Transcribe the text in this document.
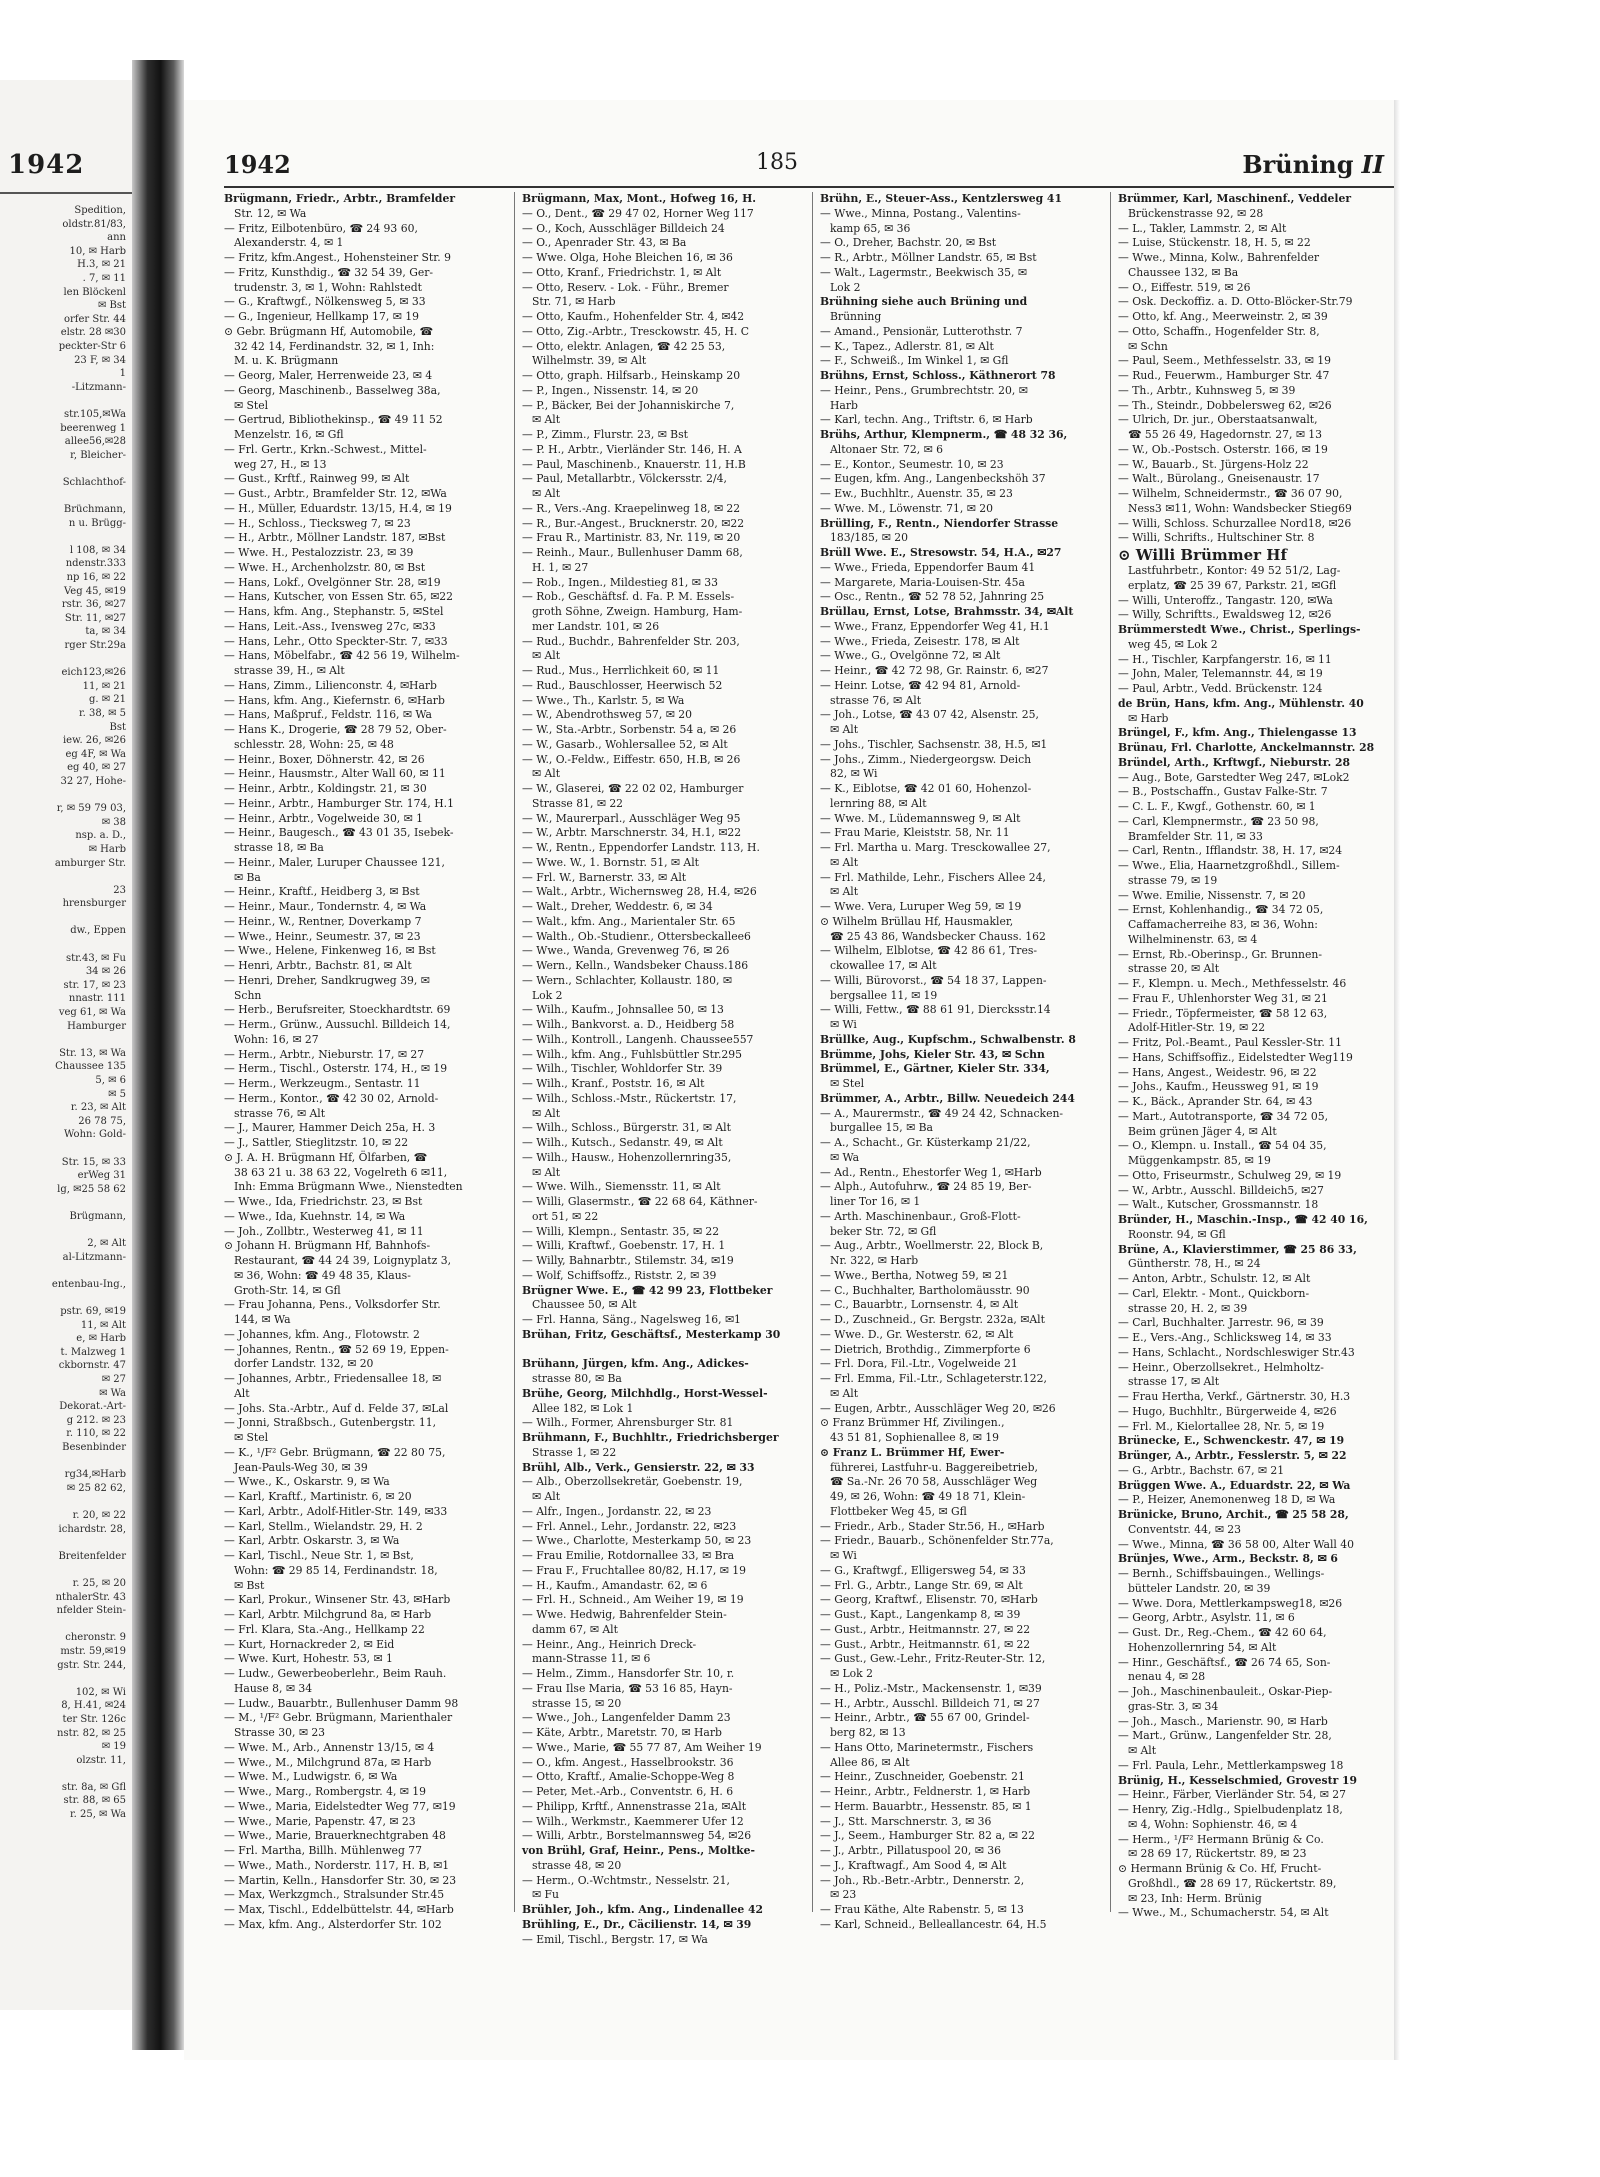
1942
Spedition,
oldstr.81/83,
ann
10, ✉ Harb
H.3, ✉ 21
. 7, ✉ 11
len Blöckenl
✉ Bst
orfer Str. 44
elstr. 28 ✉30
peckter-Str 6
23 F, ✉ 34
1
-Litzmann-

str.105,✉Wa
beerenweg 1
allee56,✉28
r, Bleicher-

Schlachthof-

Brüchmann,
n u. Brügg-

l 108, ✉ 34
ndenstr.333
np 16, ✉ 22
Veg 45, ✉19
rstr. 36, ✉27
Str. 11, ✉27
ta, ✉ 34
rger Str.29a

eich123,✉26
11, ✉ 21
g. ✉ 21
r. 38, ✉ 5
Bst
iew. 26, ✉26
eg 4F, ✉ Wa
eg 40, ✉ 27
32 27, Hohe-

r, ✉ 59 79 03,
✉ 38
nsp. a. D.,
✉ Harb
amburger Str.

23
hrensburger

dw., Eppen

str.43, ✉ Fu
34 ✉ 26
str. 17, ✉ 23
nnastr. 111
veg 61, ✉ Wa
Hamburger

Str. 13, ✉ Wa
Chaussee 135
5, ✉ 6
✉ 5
r. 23, ✉ Alt
26 78 75,
Wohn: Gold-

Str. 15, ✉ 33
erWeg 31
lg, ✉25 58 62

Brügmann,

2, ✉ Alt
al-Litzmann-

entenbau-Ing.,

pstr. 69, ✉19
11, ✉ Alt
e, ✉ Harb
t. Malzweg 1
ckbornstr. 47
✉ 27
✉ Wa
Dekorat.-Art-
g 212. ✉ 23
r. 110, ✉ 22
Besenbinder

rg34,✉Harb
✉ 25 82 62,

r. 20, ✉ 22
ichardstr. 28,

Breitenfelder

r. 25, ✉ 20
nthalerStr. 43
nfelder Stein-

cheronstr. 9
mstr. 59,✉19
gstr. Str. 244,

102, ✉ Wi
8, H.41, ✉24
ter Str. 126c
nstr. 82, ✉ 25
✉ 19
olzstr. 11,

str. 8a, ✉ Gfl
str. 88, ✉ 65
r. 25, ✉ Wa
1942	185	Brüning II
Brügmann, Friedr., Arbtr., Bramfelder
Str. 12, ✉ Wa
— Fritz, Eilbotenbüro, ☎ 24 93 60,
Alexanderstr. 4, ✉ 1
— Fritz, kfm.Angest., Hohensteiner Str. 9
— Fritz, Kunsthdig., ☎ 32 54 39, Ger-
trudenstr. 3, ✉ 1, Wohn: Rahlstedt
— G., Kraftwgf., Nölkensweg 5, ✉ 33
— G., Ingenieur, Hellkamp 17, ✉ 19
⊙ Gebr. Brügmann Hf, Automobile, ☎
32 42 14, Ferdinandstr. 32, ✉ 1, Inh:
M. u. K. Brügmann
— Georg, Maler, Herrenweide 23, ✉ 4
— Georg, Maschinenb., Basselweg 38a,
✉ Stel
— Gertrud, Bibliothekinsp., ☎ 49 11 52
Menzelstr. 16, ✉ Gfl
— Frl. Gertr., Krkn.-Schwest., Mittel-
weg 27, H., ✉ 13
— Gust., Krftf., Rainweg 99, ✉ Alt
— Gust., Arbtr., Bramfelder Str. 12, ✉Wa
— H., Müller, Eduardstr. 13/15, H.4, ✉ 19
— H., Schloss., Tiecksweg 7, ✉ 23
— H., Arbtr., Möllner Landstr. 187, ✉Bst
— Wwe. H., Pestalozzistr. 23, ✉ 39
— Wwe. H., Archenholzstr. 80, ✉ Bst
— Hans, Lokf., Ovelgönner Str. 28, ✉19
— Hans, Kutscher, von Essen Str. 65, ✉22
— Hans, kfm. Ang., Stephanstr. 5, ✉Stel
— Hans, Leit.-Ass., Ivensweg 27c, ✉33
— Hans, Lehr., Otto Speckter-Str. 7, ✉33
— Hans, Möbelfabr., ☎ 42 56 19, Wilhelm-
strasse 39, H., ✉ Alt
— Hans, Zimm., Lilienconstr. 4, ✉Harb
— Hans, kfm. Ang., Kiefernstr. 6, ✉Harb
— Hans, Maßpruf., Feldstr. 116, ✉ Wa
— Hans K., Drogerie, ☎ 28 79 52, Ober-
schlesstr. 28, Wohn: 25, ✉ 48
— Heinr., Boxer, Döhnerstr. 42, ✉ 26
— Heinr., Hausmstr., Alter Wall 60, ✉ 11
— Heinr., Arbtr., Koldingstr. 21, ✉ 30
— Heinr., Arbtr., Hamburger Str. 174, H.1
— Heinr., Arbtr., Vogelweide 30, ✉ 1
— Heinr., Baugesch., ☎ 43 01 35, Isebek-
strasse 18, ✉ Ba
— Heinr., Maler, Luruper Chaussee 121,
✉ Ba
— Heinr., Kraftf., Heidberg 3, ✉ Bst
— Heinr., Maur., Tondernstr. 4, ✉ Wa
— Heinr., W., Rentner, Doverkamp 7
— Wwe., Heinr., Seumestr. 37, ✉ 23
— Wwe., Helene, Finkenweg 16, ✉ Bst
— Henri, Arbtr., Bachstr. 81, ✉ Alt
— Henri, Dreher, Sandkrugweg 39, ✉
Schn
— Herb., Berufsreiter, Stoeckhardtstr. 69
— Herm., Grünw., Aussuchl. Billdeich 14,
Wohn: 16, ✉ 27
— Herm., Arbtr., Nieburstr. 17, ✉ 27
— Herm., Tischl., Osterstr. 174, H., ✉ 19
— Herm., Werkzeugm., Sentastr. 11
— Herm., Kontor., ☎ 42 30 02, Arnold-
strasse 76, ✉ Alt
— J., Maurer, Hammer Deich 25a, H. 3
— J., Sattler, Stieglitzstr. 10, ✉ 22
⊙ J. A. H. Brügmann Hf, Ölfarben, ☎
38 63 21 u. 38 63 22, Vogelreth 6 ✉11,
Inh: Emma Brügmann Wwe., Nienstedten
— Wwe., Ida, Friedrichstr. 23, ✉ Bst
— Wwe., Ida, Kuehnstr. 14, ✉ Wa
— Joh., Zollbtr., Westerweg 41, ✉ 11
⊙ Johann H. Brügmann Hf, Bahnhofs-
Restaurant, ☎ 44 24 39, Loignyplatz 3,
✉ 36, Wohn: ☎ 49 48 35, Klaus-
Groth-Str. 14, ✉ Gfl
— Frau Johanna, Pens., Volksdorfer Str.
144, ✉ Wa
— Johannes, kfm. Ang., Flotowstr. 2
— Johannes, Rentn., ☎ 52 69 19, Eppen-
dorfer Landstr. 132, ✉ 20
— Johannes, Arbtr., Friedensallee 18, ✉
Alt
— Johs. Sta.-Arbtr., Auf d. Felde 37, ✉Lal
— Jonni, Straßbsch., Gutenbergstr. 11,
✉ Stel
— K., ¹/F² Gebr. Brügmann, ☎ 22 80 75,
Jean-Pauls-Weg 30, ✉ 39
— Wwe., K., Oskarstr. 9, ✉ Wa
— Karl, Kraftf., Martinistr. 6, ✉ 20
— Karl, Arbtr., Adolf-Hitler-Str. 149, ✉33
— Karl, Stellm., Wielandstr. 29, H. 2
— Karl, Arbtr. Oskarstr. 3, ✉ Wa
— Karl, Tischl., Neue Str. 1, ✉ Bst,
Wohn: ☎ 29 85 14, Ferdinandstr. 18,
✉ Bst
— Karl, Prokur., Winsener Str. 43, ✉Harb
— Karl, Arbtr. Milchgrund 8a, ✉ Harb
— Frl. Klara, Sta.-Ang., Hellkamp 22
— Kurt, Hornackreder 2, ✉ Eid
— Wwe. Kurt, Hohestr. 53, ✉ 1
— Ludw., Gewerbeoberlehr., Beim Rauh.
Hause 8, ✉ 34
— Ludw., Bauarbtr., Bullenhuser Damm 98
— M., ¹/F² Gebr. Brügmann, Marienthaler
Strasse 30, ✉ 23
— Wwe. M., Arb., Annenstr 13/15, ✉ 4
— Wwe., M., Milchgrund 87a, ✉ Harb
— Wwe. M., Ludwigstr. 6, ✉ Wa
— Wwe., Marg., Rombergstr. 4, ✉ 19
— Wwe., Maria, Eidelstedter Weg 77, ✉19
— Wwe., Marie, Papenstr. 47, ✉ 23
— Wwe., Marie, Brauerknechtgraben 48
— Frl. Martha, Billh. Mühlenweg 77
— Wwe., Math., Norderstr. 117, H. B, ✉1
— Martin, Kelln., Hansdorfer Str. 30, ✉ 23
— Max, Werkzgmch., Stralsunder Str.45
— Max, Tischl., Eddelbüttelstr. 44, ✉Harb
— Max, kfm. Ang., Alsterdorfer Str. 102
Brügmann, Max, Mont., Hofweg 16, H.
— O., Dent., ☎ 29 47 02, Horner Weg 117
— O., Koch, Ausschläger Billdeich 24
— O., Apenrader Str. 43, ✉ Ba
— Wwe. Olga, Hohe Bleichen 16, ✉ 36
— Otto, Kranf., Friedrichstr. 1, ✉ Alt
— Otto, Reserv. - Lok. - Führ., Bremer
Str. 71, ✉ Harb
— Otto, Kaufm., Hohenfelder Str. 4, ✉42
— Otto, Zig.-Arbtr., Tresckowstr. 45, H. C
— Otto, elektr. Anlagen, ☎ 42 25 53,
Wilhelmstr. 39, ✉ Alt
— Otto, graph. Hilfsarb., Heinskamp 20
— P., Ingen., Nissenstr. 14, ✉ 20
— P., Bäcker, Bei der Johanniskirche 7,
✉ Alt
— P., Zimm., Flurstr. 23, ✉ Bst
— P. H., Arbtr., Vierländer Str. 146, H. A
— Paul, Maschinenb., Knauerstr. 11, H.B
— Paul, Metallarbtr., Völckersstr. 2/4,
✉ Alt
— R., Vers.-Ang. Kraepelinweg 18, ✉ 22
— R., Bur.-Angest., Brucknerstr. 20, ✉22
— Frau R., Martinistr. 83, Nr. 119, ✉ 20
— Reinh., Maur., Bullenhuser Damm 68,
H. 1, ✉ 27
— Rob., Ingen., Mildestieg 81, ✉ 33
— Rob., Geschäftsf. d. Fa. P. M. Essels-
groth Söhne, Zweign. Hamburg, Ham-
mer Landstr. 101, ✉ 26
— Rud., Buchdr., Bahrenfelder Str. 203,
✉ Alt
— Rud., Mus., Herrlichkeit 60, ✉ 11
— Rud., Bauschlosser, Heerwisch 52
— Wwe., Th., Karlstr. 5, ✉ Wa
— W., Abendrothsweg 57, ✉ 20
— W., Sta.-Arbtr., Sorbenstr. 54 a, ✉ 26
— W., Gasarb., Wohlersallee 52, ✉ Alt
— W., O.-Feldw., Eiffestr. 650, H.B, ✉ 26
✉ Alt
— W., Glaserei, ☎ 22 02 02, Hamburger
Strasse 81, ✉ 22
— W., Maurerparl., Ausschläger Weg 95
— W., Arbtr. Marschnerstr. 34, H.1, ✉22
— W., Rentn., Eppendorfer Landstr. 113, H.
— Wwe. W., 1. Bornstr. 51, ✉ Alt
— Frl. W., Barnerstr. 33, ✉ Alt
— Walt., Arbtr., Wichernsweg 28, H.4, ✉26
— Walt., Dreher, Weddestr. 6, ✉ 34
— Walt., kfm. Ang., Marientaler Str. 65
— Walth., Ob.-Studienr., Ottersbeckallee6
— Wwe., Wanda, Grevenweg 76, ✉ 26
— Wern., Kelln., Wandsbeker Chauss.186
— Wern., Schlachter, Kollaustr. 180, ✉
Lok 2
— Wilh., Kaufm., Johnsallee 50, ✉ 13
— Wilh., Bankvorst. a. D., Heidberg 58
— Wilh., Kontroll., Langenh. Chaussee557
— Wilh., kfm. Ang., Fuhlsbüttler Str.295
— Wilh., Tischler, Wohldorfer Str. 39
— Wilh., Kranf., Poststr. 16, ✉ Alt
— Wilh., Schloss.-Mstr., Rückertstr. 17,
✉ Alt
— Wilh., Schloss., Bürgerstr. 31, ✉ Alt
— Wilh., Kutsch., Sedanstr. 49, ✉ Alt
— Wilh., Hausw., Hohenzollernring35,
✉ Alt
— Wwe. Wilh., Siemensstr. 11, ✉ Alt
— Willi, Glasermstr., ☎ 22 68 64, Käthner-
ort 51, ✉ 22
— Willi, Klempn., Sentastr. 35, ✉ 22
— Willi, Kraftwf., Goebenstr. 17, H. 1
— Willy, Bahnarbtr., Stilemstr. 34, ✉19
— Wolf, Schiffsoffz., Riststr. 2, ✉ 39
Brügner Wwe. E., ☎ 42 99 23, Flottbeker
Chaussee 50, ✉ Alt
— Frl. Hanna, Säng., Nagelsweg 16, ✉1
Brühan, Fritz, Geschäftsf., Mesterkamp 30

Brühann, Jürgen, kfm. Ang., Adickes-
strasse 80, ✉ Ba
Brühe, Georg, Milchhdlg., Horst-Wessel-
Allee 182, ✉ Lok 1
— Wilh., Former, Ahrensburger Str. 81
Brühmann, F., Buchhltr., Friedrichsberger
Strasse 1, ✉ 22
Brühl, Alb., Verk., Gensierstr. 22, ✉ 33
— Alb., Oberzollsekretär, Goebenstr. 19,
✉ Alt
— Alfr., Ingen., Jordanstr. 22, ✉ 23
— Frl. Annel., Lehr., Jordanstr. 22, ✉23
— Wwe., Charlotte, Mesterkamp 50, ✉ 23
— Frau Emilie, Rotdornallee 33, ✉ Bra
— Frau F., Fruchtallee 80/82, H.17, ✉ 19
— H., Kaufm., Amandastr. 62, ✉ 6
— Frl. H., Schneid., Am Weiher 19, ✉ 19
— Wwe. Hedwig, Bahrenfelder Stein-
damm 67, ✉ Alt
— Heinr., Ang., Heinrich Dreck-
mann-Strasse 11, ✉ 6
— Helm., Zimm., Hansdorfer Str. 10, r.
— Frau Ilse Maria, ☎ 53 16 85, Hayn-
strasse 15, ✉ 20
— Wwe., Joh., Langenfelder Damm 23
— Käte, Arbtr., Maretstr. 70, ✉ Harb
— Wwe., Marie, ☎ 55 77 87, Am Weiher 19
— O., kfm. Angest., Hasselbrookstr. 36
— Otto, Kraftf., Amalie-Schoppe-Weg 8
— Peter, Met.-Arb., Conventstr. 6, H. 6
— Philipp, Krftf., Annenstrasse 21a, ✉Alt
— Wilh., Werkmstr., Kaemmerer Ufer 12
— Willi, Arbtr., Borstelmannsweg 54, ✉26
von Brühl, Graf, Heinr., Pens., Moltke-
strasse 48, ✉ 20
— Herm., O.-Wchtmstr., Nesselstr. 21,
✉ Fu
Brühler, Joh., kfm. Ang., Lindenallee 42
Brühling, E., Dr., Cäcilienstr. 14, ✉ 39
— Emil, Tischl., Bergstr. 17, ✉ Wa
Brühn, E., Steuer-Ass., Kentzlersweg 41
— Wwe., Minna, Postang., Valentins-
kamp 65, ✉ 36
— O., Dreher, Bachstr. 20, ✉ Bst
— R., Arbtr., Möllner Landstr. 65, ✉ Bst
— Walt., Lagermstr., Beekwisch 35, ✉
Lok 2
Brühning siehe auch Brüning und
Brünning
— Amand., Pensionär, Lutterothstr. 7
— K., Tapez., Adlerstr. 81, ✉ Alt
— F., Schweiß., Im Winkel 1, ✉ Gfl
Brühns, Ernst, Schloss., Käthnerort 78
— Heinr., Pens., Grumbrechtstr. 20, ✉
Harb
— Karl, techn. Ang., Triftstr. 6, ✉ Harb
Brühs, Arthur, Klempnerm., ☎ 48 32 36,
Altonaer Str. 72, ✉ 6
— E., Kontor., Seumestr. 10, ✉ 23
— Eugen, kfm. Ang., Langenbeckshöh 37
— Ew., Buchhltr., Auenstr. 35, ✉ 23
— Wwe. M., Löwenstr. 71, ✉ 20
Brülling, F., Rentn., Niendorfer Strasse
183/185, ✉ 20
Brüll Wwe. E., Stresowstr. 54, H.A., ✉27
— Wwe., Frieda, Eppendorfer Baum 41
— Margarete, Maria-Louisen-Str. 45a
— Osc., Rentn., ☎ 52 78 52, Jahnring 25
Brüllau, Ernst, Lotse, Brahmsstr. 34, ✉Alt
— Wwe., Franz, Eppendorfer Weg 41, H.1
— Wwe., Frieda, Zeisestr. 178, ✉ Alt
— Wwe., G., Ovelgönne 72, ✉ Alt
— Heinr., ☎ 42 72 98, Gr. Rainstr. 6, ✉27
— Heinr. Lotse, ☎ 42 94 81, Arnold-
strasse 76, ✉ Alt
— Joh., Lotse, ☎ 43 07 42, Alsenstr. 25,
✉ Alt
— Johs., Tischler, Sachsenstr. 38, H.5, ✉1
— Johs., Zimm., Niedergeorgsw. Deich
82, ✉ Wi
— K., Eiblotse, ☎ 42 01 60, Hohenzol-
lernring 88, ✉ Alt
— Wwe. M., Lüdemannsweg 9, ✉ Alt
— Frau Marie, Kleiststr. 58, Nr. 11
— Frl. Martha u. Marg. Tresckowallee 27,
✉ Alt
— Frl. Mathilde, Lehr., Fischers Allee 24,
✉ Alt
— Wwe. Vera, Luruper Weg 59, ✉ 19
⊙ Wilhelm Brüllau Hf, Hausmakler,
☎ 25 43 86, Wandsbecker Chauss. 162
— Wilhelm, Elblotse, ☎ 42 86 61, Tres-
ckowallee 17, ✉ Alt
— Willi, Bürovorst., ☎ 54 18 37, Lappen-
bergsallee 11, ✉ 19
— Willi, Fettw., ☎ 88 61 91, Diercksstr.14
✉ Wi
Brüllke, Aug., Kupfschm., Schwalbenstr. 8
Brümme, Johs, Kieler Str. 43, ✉ Schn
Brümmel, E., Gärtner, Kieler Str. 334,
✉ Stel
Brümmer, A., Arbtr., Billw. Neuedeich 244
— A., Maurermstr., ☎ 49 24 42, Schnacken-
burgallee 15, ✉ Ba
— A., Schacht., Gr. Küsterkamp 21/22,
✉ Wa
— Ad., Rentn., Ehestorfer Weg 1, ✉Harb
— Alph., Autofuhrw., ☎ 24 85 19, Ber-
liner Tor 16, ✉ 1
— Arth. Maschinenbaur., Groß-Flott-
beker Str. 72, ✉ Gfl
— Aug., Arbtr., Woellmerstr. 22, Block B,
Nr. 322, ✉ Harb
— Wwe., Bertha, Notweg 59, ✉ 21
— C., Buchhalter, Bartholomäusstr. 90
— C., Bauarbtr., Lornsenstr. 4, ✉ Alt
— D., Zuschneid., Gr. Bergstr. 232a, ✉Alt
— Wwe. D., Gr. Westerstr. 62, ✉ Alt
— Dietrich, Brothdig., Zimmerpforte 6
— Frl. Dora, Fil.-Ltr., Vogelweide 21
— Frl. Emma, Fil.-Ltr., Schlageterstr.122,
✉ Alt
— Eugen, Arbtr., Ausschläger Weg 20, ✉26
⊙ Franz Brümmer Hf, Zivilingen.,
43 51 81, Sophienallee 8, ✉ 19
⊙ Franz L. Brümmer Hf, Ewer-
führerei, Lastfuhr-u. Baggereibetrieb,
☎ Sa.-Nr. 26 70 58, Ausschläger Weg
49, ✉ 26, Wohn: ☎ 49 18 71, Klein-
Flottbeker Weg 45, ✉ Gfl
— Friedr., Arb., Stader Str.56, H., ✉Harb
— Friedr., Bauarb., Schönenfelder Str.77a,
✉ Wi
— G., Kraftwgf., Elligersweg 54, ✉ 33
— Frl. G., Arbtr., Lange Str. 69, ✉ Alt
— Georg, Kraftwf., Elisenstr. 70, ✉Harb
— Gust., Kapt., Langenkamp 8, ✉ 39
— Gust., Arbtr., Heitmannstr. 27, ✉ 22
— Gust., Arbtr., Heitmannstr. 61, ✉ 22
— Gust., Gew.-Lehr., Fritz-Reuter-Str. 12,
✉ Lok 2
— H., Poliz.-Mstr., Mackensenstr. 1, ✉39
— H., Arbtr., Ausschl. Billdeich 71, ✉ 27
— Heinr., Arbtr., ☎ 55 67 00, Grindel-
berg 82, ✉ 13
— Hans Otto, Marinetermstr., Fischers
Allee 86, ✉ Alt
— Heinr., Zuschneider, Goebenstr. 21
— Heinr., Arbtr., Feldnerstr. 1, ✉ Harb
— Herm. Bauarbtr., Hessenstr. 85, ✉ 1
— J., Stt. Marschnerstr. 3, ✉ 36
— J., Seem., Hamburger Str. 82 a, ✉ 22
— J., Arbtr., Pillatuspool 20, ✉ 36
— J., Kraftwagf., Am Sood 4, ✉ Alt
— Joh., Rb.-Betr.-Arbtr., Dennerstr. 2,
✉ 23
— Frau Käthe, Alte Rabenstr. 5, ✉ 13
— Karl, Schneid., Belleallancestr. 64, H.5
Brümmer, Karl, Maschinenf., Veddeler
Brückenstrasse 92, ✉ 28
— L., Takler, Lammstr. 2, ✉ Alt
— Luise, Stückenstr. 18, H. 5, ✉ 22
— Wwe., Minna, Kolw., Bahrenfelder
Chaussee 132, ✉ Ba
— O., Eiffestr. 519, ✉ 26
— Osk. Deckoffiz. a. D. Otto-Blöcker-Str.79
— Otto, kf. Ang., Meerweinstr. 2, ✉ 39
— Otto, Schaffn., Hogenfelder Str. 8,
✉ Schn
— Paul, Seem., Methfesselstr. 33, ✉ 19
— Rud., Feuerwm., Hamburger Str. 47
— Th., Arbtr., Kuhnsweg 5, ✉ 39
— Th., Steindr., Dobbelersweg 62, ✉26
— Ulrich, Dr. jur., Oberstaatsanwalt,
☎ 55 26 49, Hagedornstr. 27, ✉ 13
— W., Ob.-Postsch. Osterstr. 166, ✉ 19
— W., Bauarb., St. Jürgens-Holz 22
— Walt., Bürolang., Gneisenaustr. 17
— Wilhelm, Schneidermstr., ☎ 36 07 90,
Ness3 ✉11, Wohn: Wandsbecker Stieg69
— Willi, Schloss. Schurzallee Nord18, ✉26
— Willi, Schrifts., Hultschiner Str. 8
⊙ Willi Brümmer Hf
Lastfuhrbetr., Kontor: 49 52 51/2, Lag-
erplatz, ☎ 25 39 67, Parkstr. 21, ✉Gfl
— Willi, Unteroffz., Tangastr. 120, ✉Wa
— Willy, Schriftts., Ewaldsweg 12, ✉26
Brümmerstedt Wwe., Christ., Sperlings-
weg 45, ✉ Lok 2
— H., Tischler, Karpfangerstr. 16, ✉ 11
— John, Maler, Telemannstr. 44, ✉ 19
— Paul, Arbtr., Vedd. Brückenstr. 124
de Brün, Hans, kfm. Ang., Mühlenstr. 40
✉ Harb
Brüngel, F., kfm. Ang., Thielengasse 13
Brünau, Frl. Charlotte, Anckelmannstr. 28
Bründel, Arth., Krftwgf., Nieburstr. 28
— Aug., Bote, Garstedter Weg 247, ✉Lok2
— B., Postschaffn., Gustav Falke-Str. 7
— C. L. F., Kwgf., Gothenstr. 60, ✉ 1
— Carl, Klempnermstr., ☎ 23 50 98,
Bramfelder Str. 11, ✉ 33
— Carl, Rentn., Ifflandstr. 38, H. 17, ✉24
— Wwe., Elia, Haarnetzgroßhdl., Sillem-
strasse 79, ✉ 19
— Wwe. Emilie, Nissenstr. 7, ✉ 20
— Ernst, Kohlenhandig., ☎ 34 72 05,
Caffamacherreihe 83, ✉ 36, Wohn:
Wilhelminenstr. 63, ✉ 4
— Ernst, Rb.-Oberinsp., Gr. Brunnen-
strasse 20, ✉ Alt
— F., Klempn. u. Mech., Methfesselstr. 46
— Frau F., Uhlenhorster Weg 31, ✉ 21
— Friedr., Töpfermeister, ☎ 58 12 63,
Adolf-Hitler-Str. 19, ✉ 22
— Fritz, Pol.-Beamt., Paul Kessler-Str. 11
— Hans, Schiffsoffiz., Eidelstedter Weg119
— Hans, Angest., Weidestr. 96, ✉ 22
— Johs., Kaufm., Heussweg 91, ✉ 19
— K., Bäck., Aprander Str. 64, ✉ 43
— Mart., Autotransporte, ☎ 34 72 05,
Beim grünen Jäger 4, ✉ Alt
— O., Klempn. u. Install., ☎ 54 04 35,
Müggenkampstr. 85, ✉ 19
— Otto, Friseurmstr., Schulweg 29, ✉ 19
— W., Arbtr., Ausschl. Billdeich5, ✉27
— Walt., Kutscher, Grossmannstr. 18
Bründer, H., Maschin.-Insp., ☎ 42 40 16,
Roonstr. 94, ✉ Gfl
Brüne, A., Klavierstimmer, ☎ 25 86 33,
Güntherstr. 78, H., ✉ 24
— Anton, Arbtr., Schulstr. 12, ✉ Alt
— Carl, Elektr. - Mont., Quickborn-
strasse 20, H. 2, ✉ 39
— Carl, Buchhalter. Jarrestr. 96, ✉ 39
— E., Vers.-Ang., Schlicksweg 14, ✉ 33
— Hans, Schlacht., Nordschleswiger Str.43
— Heinr., Oberzollsekret., Helmholtz-
strasse 17, ✉ Alt
— Frau Hertha, Verkf., Gärtnerstr. 30, H.3
— Hugo, Buchhltr., Bürgerweide 4, ✉26
— Frl. M., Kielortallee 28, Nr. 5, ✉ 19
Brünecke, E., Schwenckestr. 47, ✉ 19
Brünger, A., Arbtr., Fesslerstr. 5, ✉ 22
— G., Arbtr., Bachstr. 67, ✉ 21
Brüggen Wwe. A., Eduardstr. 22, ✉ Wa
— P., Heizer, Anemonenweg 18 D, ✉ Wa
Brünicke, Bruno, Archit., ☎ 25 58 28,
Conventstr. 44, ✉ 23
— Wwe., Minna, ☎ 36 58 00, Alter Wall 40
Brünjes, Wwe., Arm., Beckstr. 8, ✉ 6
— Bernh., Schiffsbauingen., Wellings-
bütteler Landstr. 20, ✉ 39
— Wwe. Dora, Mettlerkampsweg18, ✉26
— Georg, Arbtr., Asylstr. 11, ✉ 6
— Gust. Dr., Reg.-Chem., ☎ 42 60 64,
Hohenzollernring 54, ✉ Alt
— Hinr., Geschäftsf., ☎ 26 74 65, Son-
nenau 4, ✉ 28
— Joh., Maschinenbauleit., Oskar-Piep-
gras-Str. 3, ✉ 34
— Joh., Masch., Marienstr. 90, ✉ Harb
— Mart., Grünw., Langenfelder Str. 28,
✉ Alt
— Frl. Paula, Lehr., Mettlerkampsweg 18
Brünig, H., Kesselschmied, Grovestr 19
— Heinr., Färber, Vierländer Str. 54, ✉ 27
— Henry, Zig.-Hdlg., Spielbudenplatz 18,
✉ 4, Wohn: Sophienstr. 46, ✉ 4
— Herm., ¹/F² Hermann Brünig & Co.
✉ 28 69 17, Rückertstr. 89, ✉ 23
⊙ Hermann Brünig & Co. Hf, Frucht-
Großhdl., ☎ 28 69 17, Rückertstr. 89,
✉ 23, Inh: Herm. Brünig
— Wwe., M., Schumacherstr. 54, ✉ Alt
